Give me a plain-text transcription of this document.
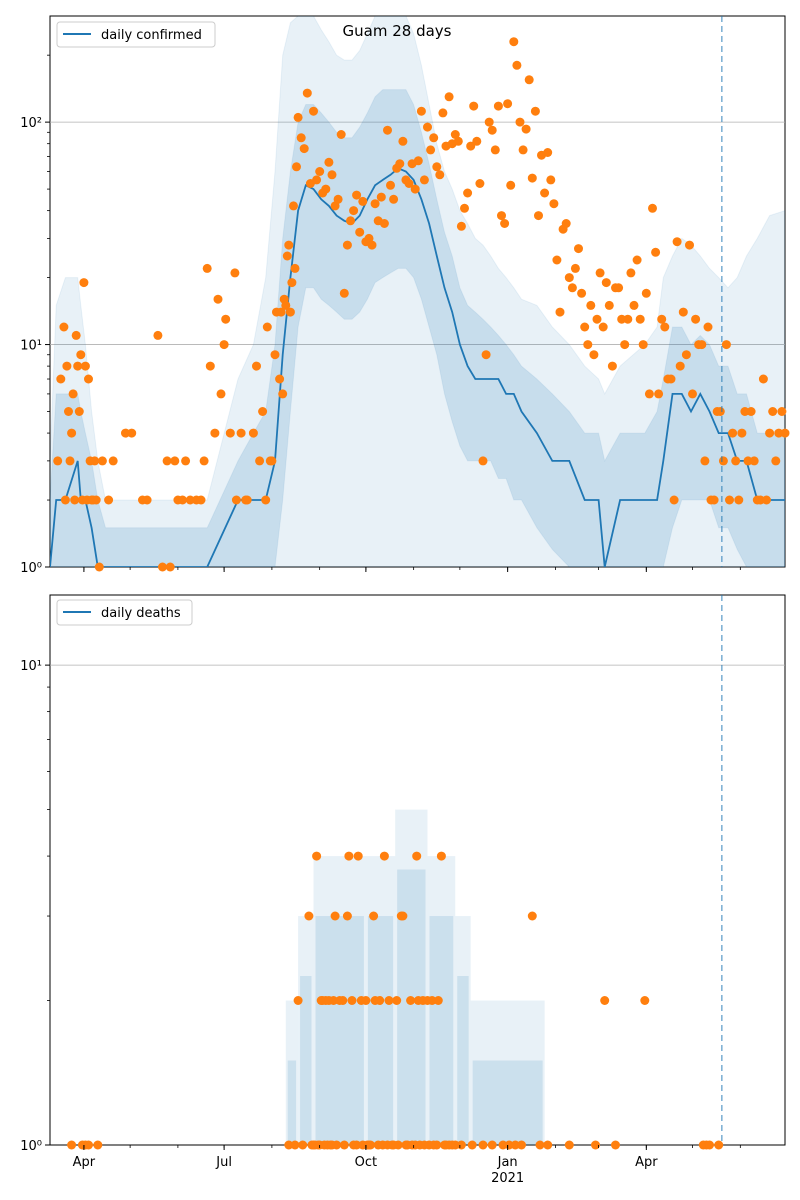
10⁰
10¹
10²
Guam 28 days
daily confirmed
10⁰
10¹
Apr	Jul	Oct	Jan	Apr
2021
daily deaths
